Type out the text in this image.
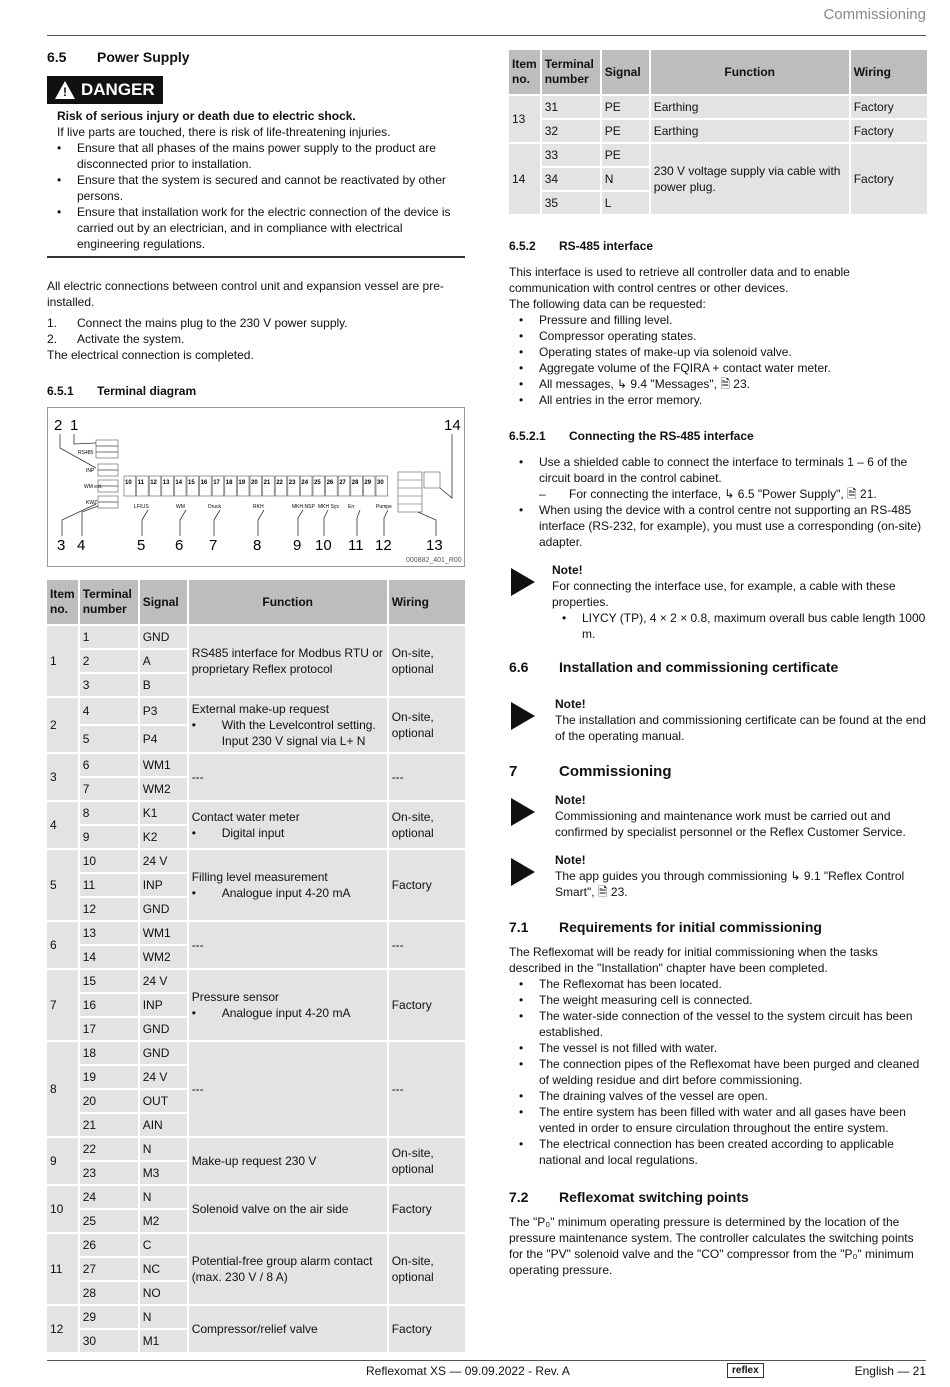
Commissioning
6.5	Power Supply
! DANGER

Risk of serious injury or death due to electric shock.

If live parts are touched, there is risk of life-threatening injuries.

• Ensure that all phases of the mains power supply to the product are disconnected prior to installation.
• Ensure that the system is secured and cannot be reactivated by other persons.
• Ensure that installation work for the electric connection of the device is carried out by an electrician, and in compliance with electrical engineering regulations.

All electric connections between control unit and expansion vessel are pre-installed.

1.	Connect the mains plug to the 230 V power supply.
2.	Activate the system.

The electrical connection is completed.

6.5.1	Terminal diagram
RS485
INP
WM ext.
KWZ
10 11 12 13 14 15 16 17 18 19 20 21 22 23 24 25 26 27 28 29 30
LF/LIS	WM	Druck	RKH	MKH NSP MKH Sys Err	Pumpe
2 1	14
3 4	5 6 7 8 9 10 11 12 13
000882_401_R00
Item no.	Terminal number	Signal	Function	Wiring
1	1	GND	RS485 interface for Modbus RTU or proprietary Reflex protocol	On-site, optional
	2	A		
	3	B		
2	4	P3	External make-up request
• With the Levelcontrol setting. Input 230 V signal via L+ N	On-site, optional
	5	P4		
3	6	WM1	---	---
	7	WM2		
4	8	K1	Contact water meter
• Digital input	On-site, optional
	9	K2		
5	10	24 V	Filling level measurement
• Analogue input 4-20 mA	Factory
	11	INP		
	12	GND		
6	13	WM1	---	---
	14	WM2		
7	15	24 V	Pressure sensor
• Analogue input 4-20 mA	Factory
	16	INP		
	17	GND		
8	18	GND	---	---
	19	24 V		
	20	OUT		
	21	AIN		
9	22	N	Make-up request 230 V	On-site, optional
	23	M3		
10	24	N	Solenoid valve on the air side	Factory
	25	M2		
11	26	C	Potential-free group alarm contact (max. 230 V / 8 A)	On-site, optional
	27	NC		
	28	NO		
12	29	N	Compressor/relief valve	Factory
	30	M1		
Item no.	Terminal number	Signal	Function	Wiring
13	31	PE	Earthing	Factory
	32	PE	Earthing	Factory
14	33	PE	230 V voltage supply via cable with power plug.	Factory
	34	N		
	35	L		
6.5.2	RS-485 interface

This interface is used to retrieve all controller data and to enable communication with control centres or other devices.

The following data can be requested:

• Pressure and filling level.
• Compressor operating states.
• Operating states of make-up via solenoid valve.
• Aggregate volume of the FQIRA + contact water meter.
• All messages, ↳ 9.4 "Messages", 🗎 23.
• All entries in the error memory.
6.5.2.1	Connecting the RS-485 interface
• Use a shielded cable to connect the interface to terminals 1 – 6 of the circuit board in the control cabinet.
– For connecting the interface, ↳ 6.5 "Power Supply", 🗎 21.
• When using the device with a control centre not supporting an RS-485 interface (RS-232, for example), you must use a corresponding (on-site) adapter.
Note!

For connecting the interface use, for example, a cable with these properties.

• LIYCY (TP), 4 × 2 × 0.8, maximum overall bus cable length 1000 m.
6.6	Installation and commissioning certificate
Note!

The installation and commissioning certificate can be found at the end of the operating manual.

7	Commissioning
Note!

Commissioning and maintenance work must be carried out and confirmed by specialist personnel or the Reflex Customer Service.

Note!

The app guides you through commissioning ↳ 9.1 "Reflex Control Smart", 🗎 23.

7.1	Requirements for initial commissioning

The Reflexomat will be ready for initial commissioning when the tasks described in the "Installation" chapter have been completed.

• The Reflexomat has been located.
• The weight measuring cell is connected.
• The water-side connection of the vessel to the system circuit has been established.
• The vessel is not filled with water.
• The connection pipes of the Reflexomat have been purged and cleaned of welding residue and dirt before commissioning.
• The draining valves of the vessel are open.
• The entire system has been filled with water and all gases have been vented in order to ensure circulation throughout the entire system.
• The electrical connection has been created according to applicable national and local regulations.
7.2	Reflexomat switching points

The "P₀" minimum operating pressure is determined by the location of the pressure maintenance system. The controller calculates the switching points for the "PV" solenoid valve and the "CO" compressor from the "P₀" minimum operating pressure.

Reflexomat XS — 09.09.2022 - Rev. A	reflex	English — 21
